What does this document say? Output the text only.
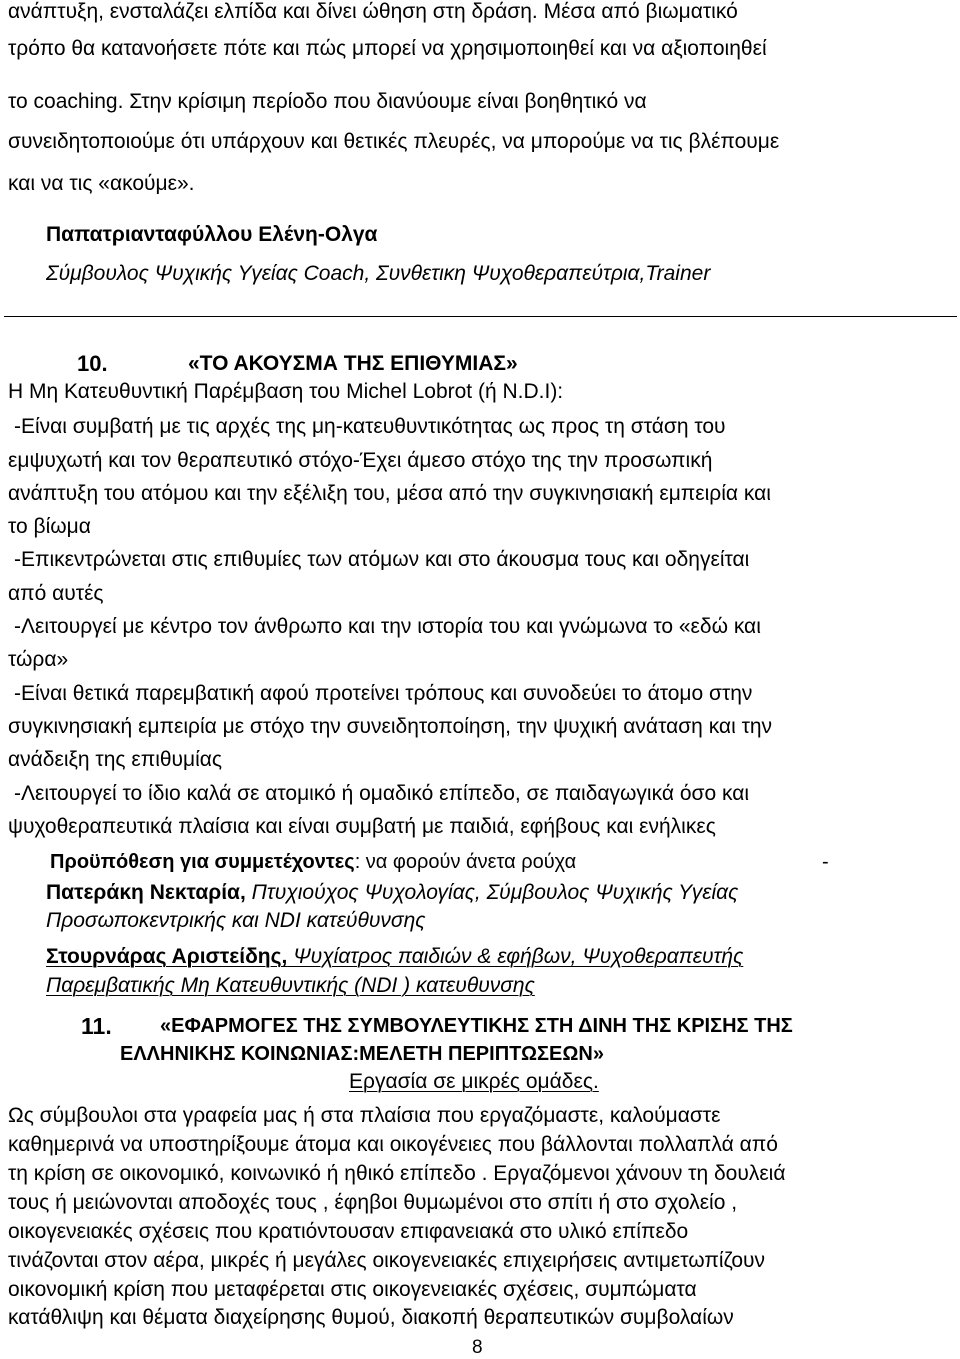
ανάπτυξη, ενσταλάζει ελπίδα και δίνει ώθηση στη δράση. Μέσα από βιωματικό
τρόπο θα κατανοήσετε πότε και πώς μπορεί να χρησιμοποιηθεί και να αξιοποιηθεί
το coaching. Στην κρίσιμη περίοδο που διανύουμε είναι βοηθητικό να
συνειδητοποιούμε ότι υπάρχουν και θετικές πλευρές, να μπορούμε να τις βλέπουμε
και να τις «ακούμε».
Παπατριανταφύλλου Ελένη-Ολγα
Σύμβουλος Ψυχικής Υγείας Coach, Συνθετικη Ψυχοθεραπεύτρια,Trainer
10.	«ΤΟ ΑΚΟΥΣΜΑ ΤΗΣ ΕΠΙΘΥΜΙΑΣ»
Η Μη Κατευθυντική Παρέμβαση του Michel Lobrot (ή N.D.I):
-Είναι συμβατή με τις αρχές της μη-κατευθυντικότητας ως προς τη στάση του
εμψυχωτή και τον θεραπευτικό στόχο-Έχει άμεσο στόχο της την προσωπική
ανάπτυξη του ατόμου και την εξέλιξη του, μέσα από την συγκινησιακή εμπειρία και
το βίωμα
-Επικεντρώνεται στις επιθυμίες των ατόμων και στο άκουσμα τους και οδηγείται
από αυτές
-Λειτουργεί με κέντρο τον άνθρωπο και την ιστορία του και γνώμωνα το «εδώ και
τώρα»
-Είναι θετικά παρεμβατική αφού προτείνει τρόπους και συνοδεύει το άτομο στην
συγκινησιακή εμπειρία με στόχο την συνειδητοποίηση, την ψυχική ανάταση και την
ανάδειξη της επιθυμίας
-Λειτουργεί το ίδιο καλά σε ατομικό ή ομαδικό επίπεδο, σε παιδαγωγικά όσο και
ψυχοθεραπευτικά πλαίσια και είναι συμβατή με παιδιά, εφήβους και ενήλικες
Προϋπόθεση για συμμετέχοντες: να φορούν άνετα ρούχα	-
Πατεράκη Νεκταρία, Πτυχιούχος Ψυχολογίας, Σύμβουλος Ψυχικής Υγείας
Προσωποκεντρικής και NDI κατεύθυνσης
Στουρνάρας Αριστείδης, Ψυχίατρος παιδιών & εφήβων, Ψυχοθεραπευτής
Παρεμβατικής Μη Κατευθυντικής (NDI ) κατευθυνσης
11. «ΕΦΑΡΜΟΓΕΣ ΤΗΣ ΣΥΜΒΟΥΛΕΥΤΙΚΗΣ ΣΤΗ ΔΙΝΗ ΤΗΣ ΚΡΙΣΗΣ ΤΗΣ
ΕΛΛΗΝΙΚΗΣ ΚΟΙΝΩΝΙΑΣ:ΜΕΛΕΤΗ ΠΕΡΙΠΤΩΣΕΩΝ»
Εργασία σε μικρές ομάδες.
Ως σύμβουλοι στα γραφεία μας ή στα πλαίσια που εργαζόμαστε, καλούμαστε
καθημερινά να υποστηρίξουμε άτομα και οικογένειες που βάλλονται πολλαπλά από
τη κρίση σε οικονομικό, κοινωνικό ή ηθικό επίπεδο . Εργαζόμενοι χάνουν τη δουλειά
τους ή μειώνονται αποδοχές τους , έφηβοι θυμωμένοι στο σπίτι ή στο σχολείο ,
οικογενειακές σχέσεις που κρατιόντουσαν επιφανειακά στο υλικό επίπεδο
τινάζονται στον αέρα, μικρές ή μεγάλες οικογενειακές επιχειρήσεις αντιμετωπίζουν
οικονομική κρίση που μεταφέρεται στις οικογενειακές σχέσεις, συμπώματα
κατάθλιψη και θέματα διαχείρησης θυμού, διακοπή θεραπευτικών συμβολαίων
8
